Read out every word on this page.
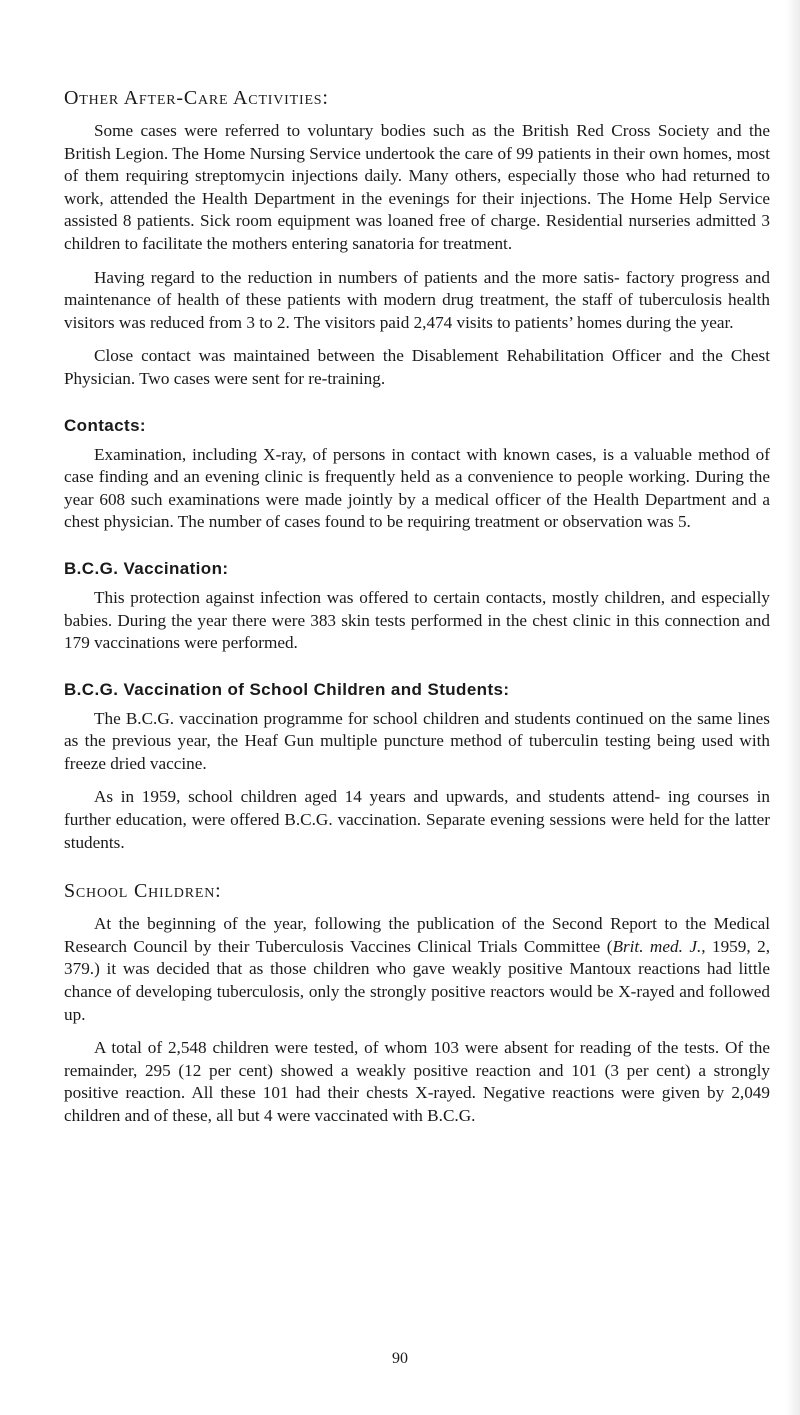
Other After-Care Activities:

Some cases were referred to voluntary bodies such as the British Red Cross Society and the British Legion. The Home Nursing Service undertook the care of 99 patients in their own homes, most of them requiring streptomycin injections daily. Many others, especially those who had returned to work, attended the Health Department in the evenings for their injections. The Home Help Service assisted 8 patients. Sick room equipment was loaned free of charge. Residential nurseries admitted 3 children to facilitate the mothers entering sanatoria for treatment.

Having regard to the reduction in numbers of patients and the more satis- factory progress and maintenance of health of these patients with modern drug treatment, the staff of tuberculosis health visitors was reduced from 3 to 2. The visitors paid 2,474 visits to patients’ homes during the year.

Close contact was maintained between the Disablement Rehabilitation Officer and the Chest Physician. Two cases were sent for re-training.

Contacts:

Examination, including X-ray, of persons in contact with known cases, is a valuable method of case finding and an evening clinic is frequently held as a convenience to people working. During the year 608 such examinations were made jointly by a medical officer of the Health Department and a chest physician. The number of cases found to be requiring treatment or observation was 5.

B.C.G. Vaccination:

This protection against infection was offered to certain contacts, mostly children, and especially babies. During the year there were 383 skin tests performed in the chest clinic in this connection and 179 vaccinations were performed.

B.C.G. Vaccination of School Children and Students:

The B.C.G. vaccination programme for school children and students continued on the same lines as the previous year, the Heaf Gun multiple puncture method of tuberculin testing being used with freeze dried vaccine.

As in 1959, school children aged 14 years and upwards, and students attend- ing courses in further education, were offered B.C.G. vaccination. Separate evening sessions were held for the latter students.

School Children:

At the beginning of the year, following the publication of the Second Report to the Medical Research Council by their Tuberculosis Vaccines Clinical Trials Committee (Brit. med. J., 1959, 2, 379.) it was decided that as those children who gave weakly positive Mantoux reactions had little chance of developing tuberculosis, only the strongly positive reactors would be X-rayed and followed up.

A total of 2,548 children were tested, of whom 103 were absent for reading of the tests. Of the remainder, 295 (12 per cent) showed a weakly positive reaction and 101 (3 per cent) a strongly positive reaction. All these 101 had their chests X-rayed. Negative reactions were given by 2,049 children and of these, all but 4 were vaccinated with B.C.G.

90
